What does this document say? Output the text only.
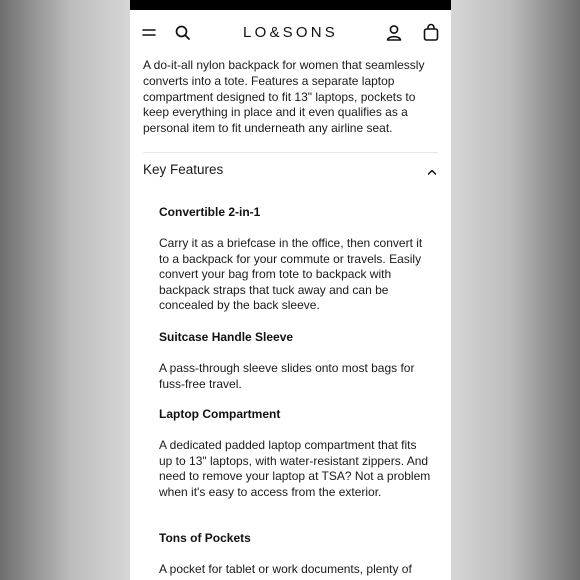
LO&SONS

A do-it-all nylon backpack for women that seamlessly converts into a tote. Features a separate laptop compartment designed to fit 13" laptops, pockets to keep everything in place and it even qualifies as a personal item to fit underneath any airline seat.

Key Features
Convertible 2-in-1

Carry it as a briefcase in the office, then convert it to a backpack for your commute or travels. Easily convert your bag from tote to backpack with backpack straps that tuck away and can be concealed by the back sleeve.

Suitcase Handle Sleeve

A pass-through sleeve slides onto most bags for fuss-free travel.

Laptop Compartment

A dedicated padded laptop compartment that fits up to 13" laptops, with water-resistant zippers. And need to remove your laptop at TSA? Not a problem when it's easy to access from the exterior.

Tons of Pockets

A pocket for tablet or work documents, plenty of
